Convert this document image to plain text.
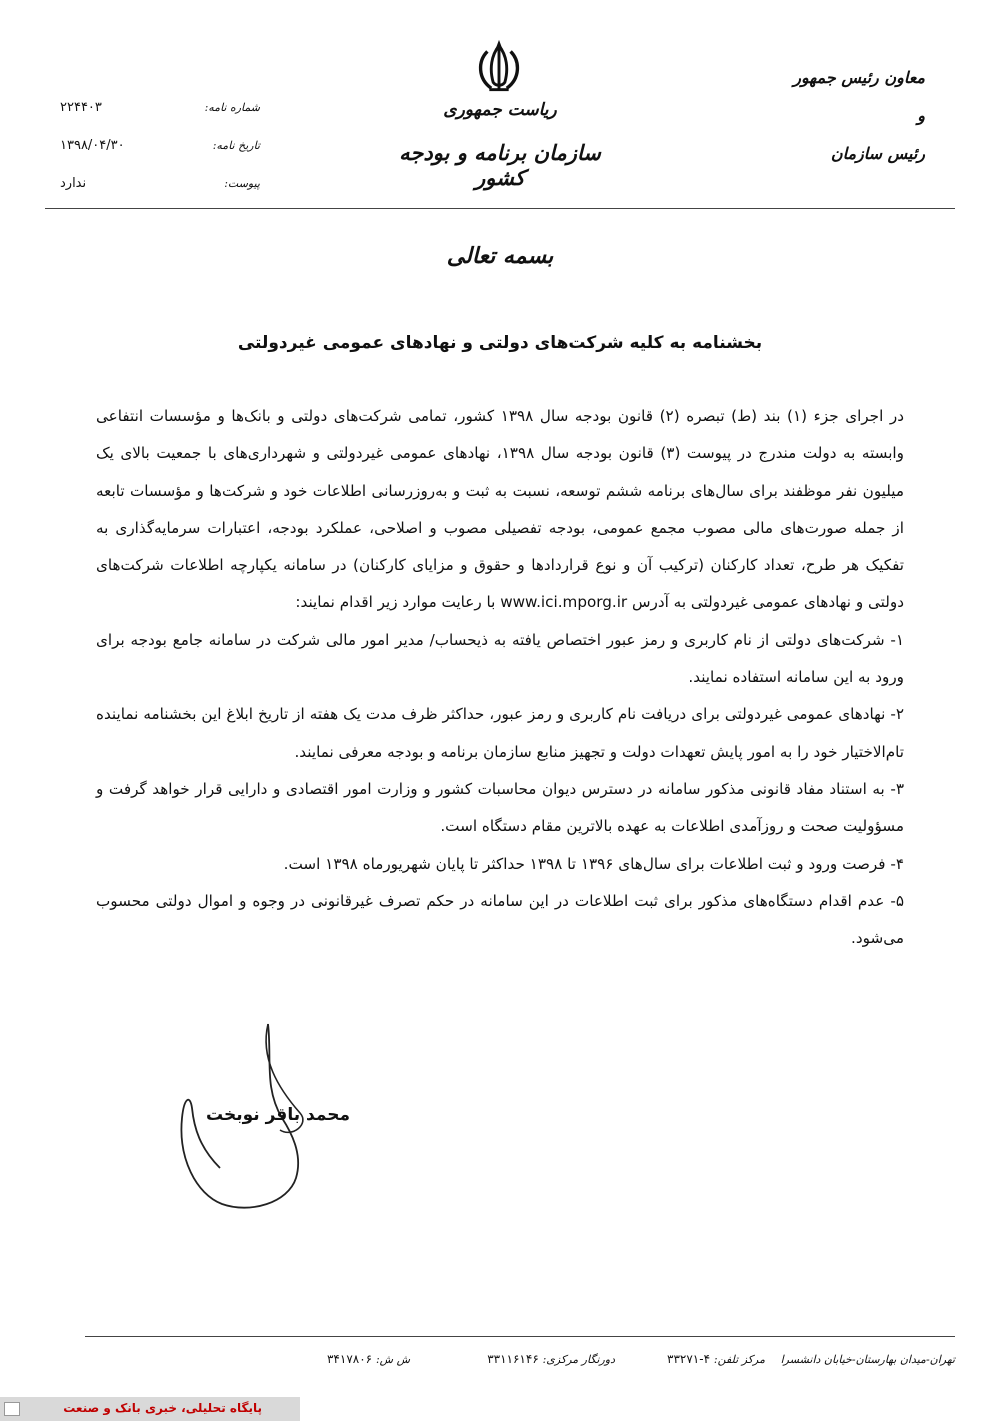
ریاست جمهوری
سازمان برنامه و بودجه کشور
معاون رئیس جمهور
و
رئیس سازمان
۲۲۴۴۰۳	شماره نامه:
۱۳۹۸/۰۴/۳۰	تاریخ نامه:
ندارد	پیوست:
بسمه تعالی
بخشنامه به کلیه شرکت‌های دولتی و نهادهای عمومی غیردولتی

در اجرای جزء (۱) بند (ط) تبصره (۲) قانون بودجه سال ۱۳۹۸ کشور، تمامی شرکت‌های دولتی و بانک‌ها و مؤسسات انتفاعی وابسته به دولت مندرج در پیوست (۳) قانون بودجه سال ۱۳۹۸، نهادهای عمومی غیردولتی و شهرداری‌های با جمعیت بالای یک میلیون نفر موظفند برای سال‌های برنامه ششم توسعه، نسبت به ثبت و به‌روزرسانی اطلاعات خود و شرکت‌ها و مؤسسات تابعه از جمله صورت‌های مالی مصوب مجمع عمومی، بودجه تفصیلی مصوب و اصلاحی، عملکرد بودجه، اعتبارات سرمایه‌گذاری به تفکیک هر طرح، تعداد کارکنان (ترکیب آن و نوع قراردادها و حقوق و مزایای کارکنان) در سامانه یکپارچه اطلاعات شرکت‌های دولتی و نهادهای عمومی غیردولتی به آدرس www.ici.mporg.ir با رعایت موارد زیر اقدام نمایند:

۱- شرکت‌های دولتی از نام کاربری و رمز عبور اختصاص یافته به ذیحساب/ مدیر امور مالی شرکت در سامانه جامع بودجه برای ورود به این سامانه استفاده نمایند.

۲- نهادهای عمومی غیردولتی برای دریافت نام کاربری و رمز عبور، حداکثر ظرف مدت یک هفته از تاریخ ابلاغ این بخشنامه نماینده تام‌الاختیار خود را به امور پایش تعهدات دولت و تجهیز منابع سازمان برنامه و بودجه معرفی نمایند.

۳- به استناد مفاد قانونی مذکور سامانه در دسترس دیوان محاسبات کشور و وزارت امور اقتصادی و دارایی قرار خواهد گرفت و مسؤولیت صحت و روزآمدی اطلاعات به عهده بالاترین مقام دستگاه است.

۴- فرصت ورود و ثبت اطلاعات برای سال‌های ۱۳۹۶ تا ۱۳۹۸ حداکثر تا پایان شهریورماه ۱۳۹۸ است.

۵- عدم اقدام دستگاه‌های مذکور برای ثبت اطلاعات در این سامانه در حکم تصرف غیرقانونی در وجوه و اموال دولتی محسوب می‌شود.

محمد باقر نوبخت
تهران-میدان بهارستان-خیابان دانشسرا
مرکز تلفن: ۴-۳۳۲۷۱
دورنگار مرکزی: ۳۳۱۱۶۱۴۶
ش ش: ۳۴۱۷۸۰۶
پایگاه تحلیلی، خبری بانک و صنعت
